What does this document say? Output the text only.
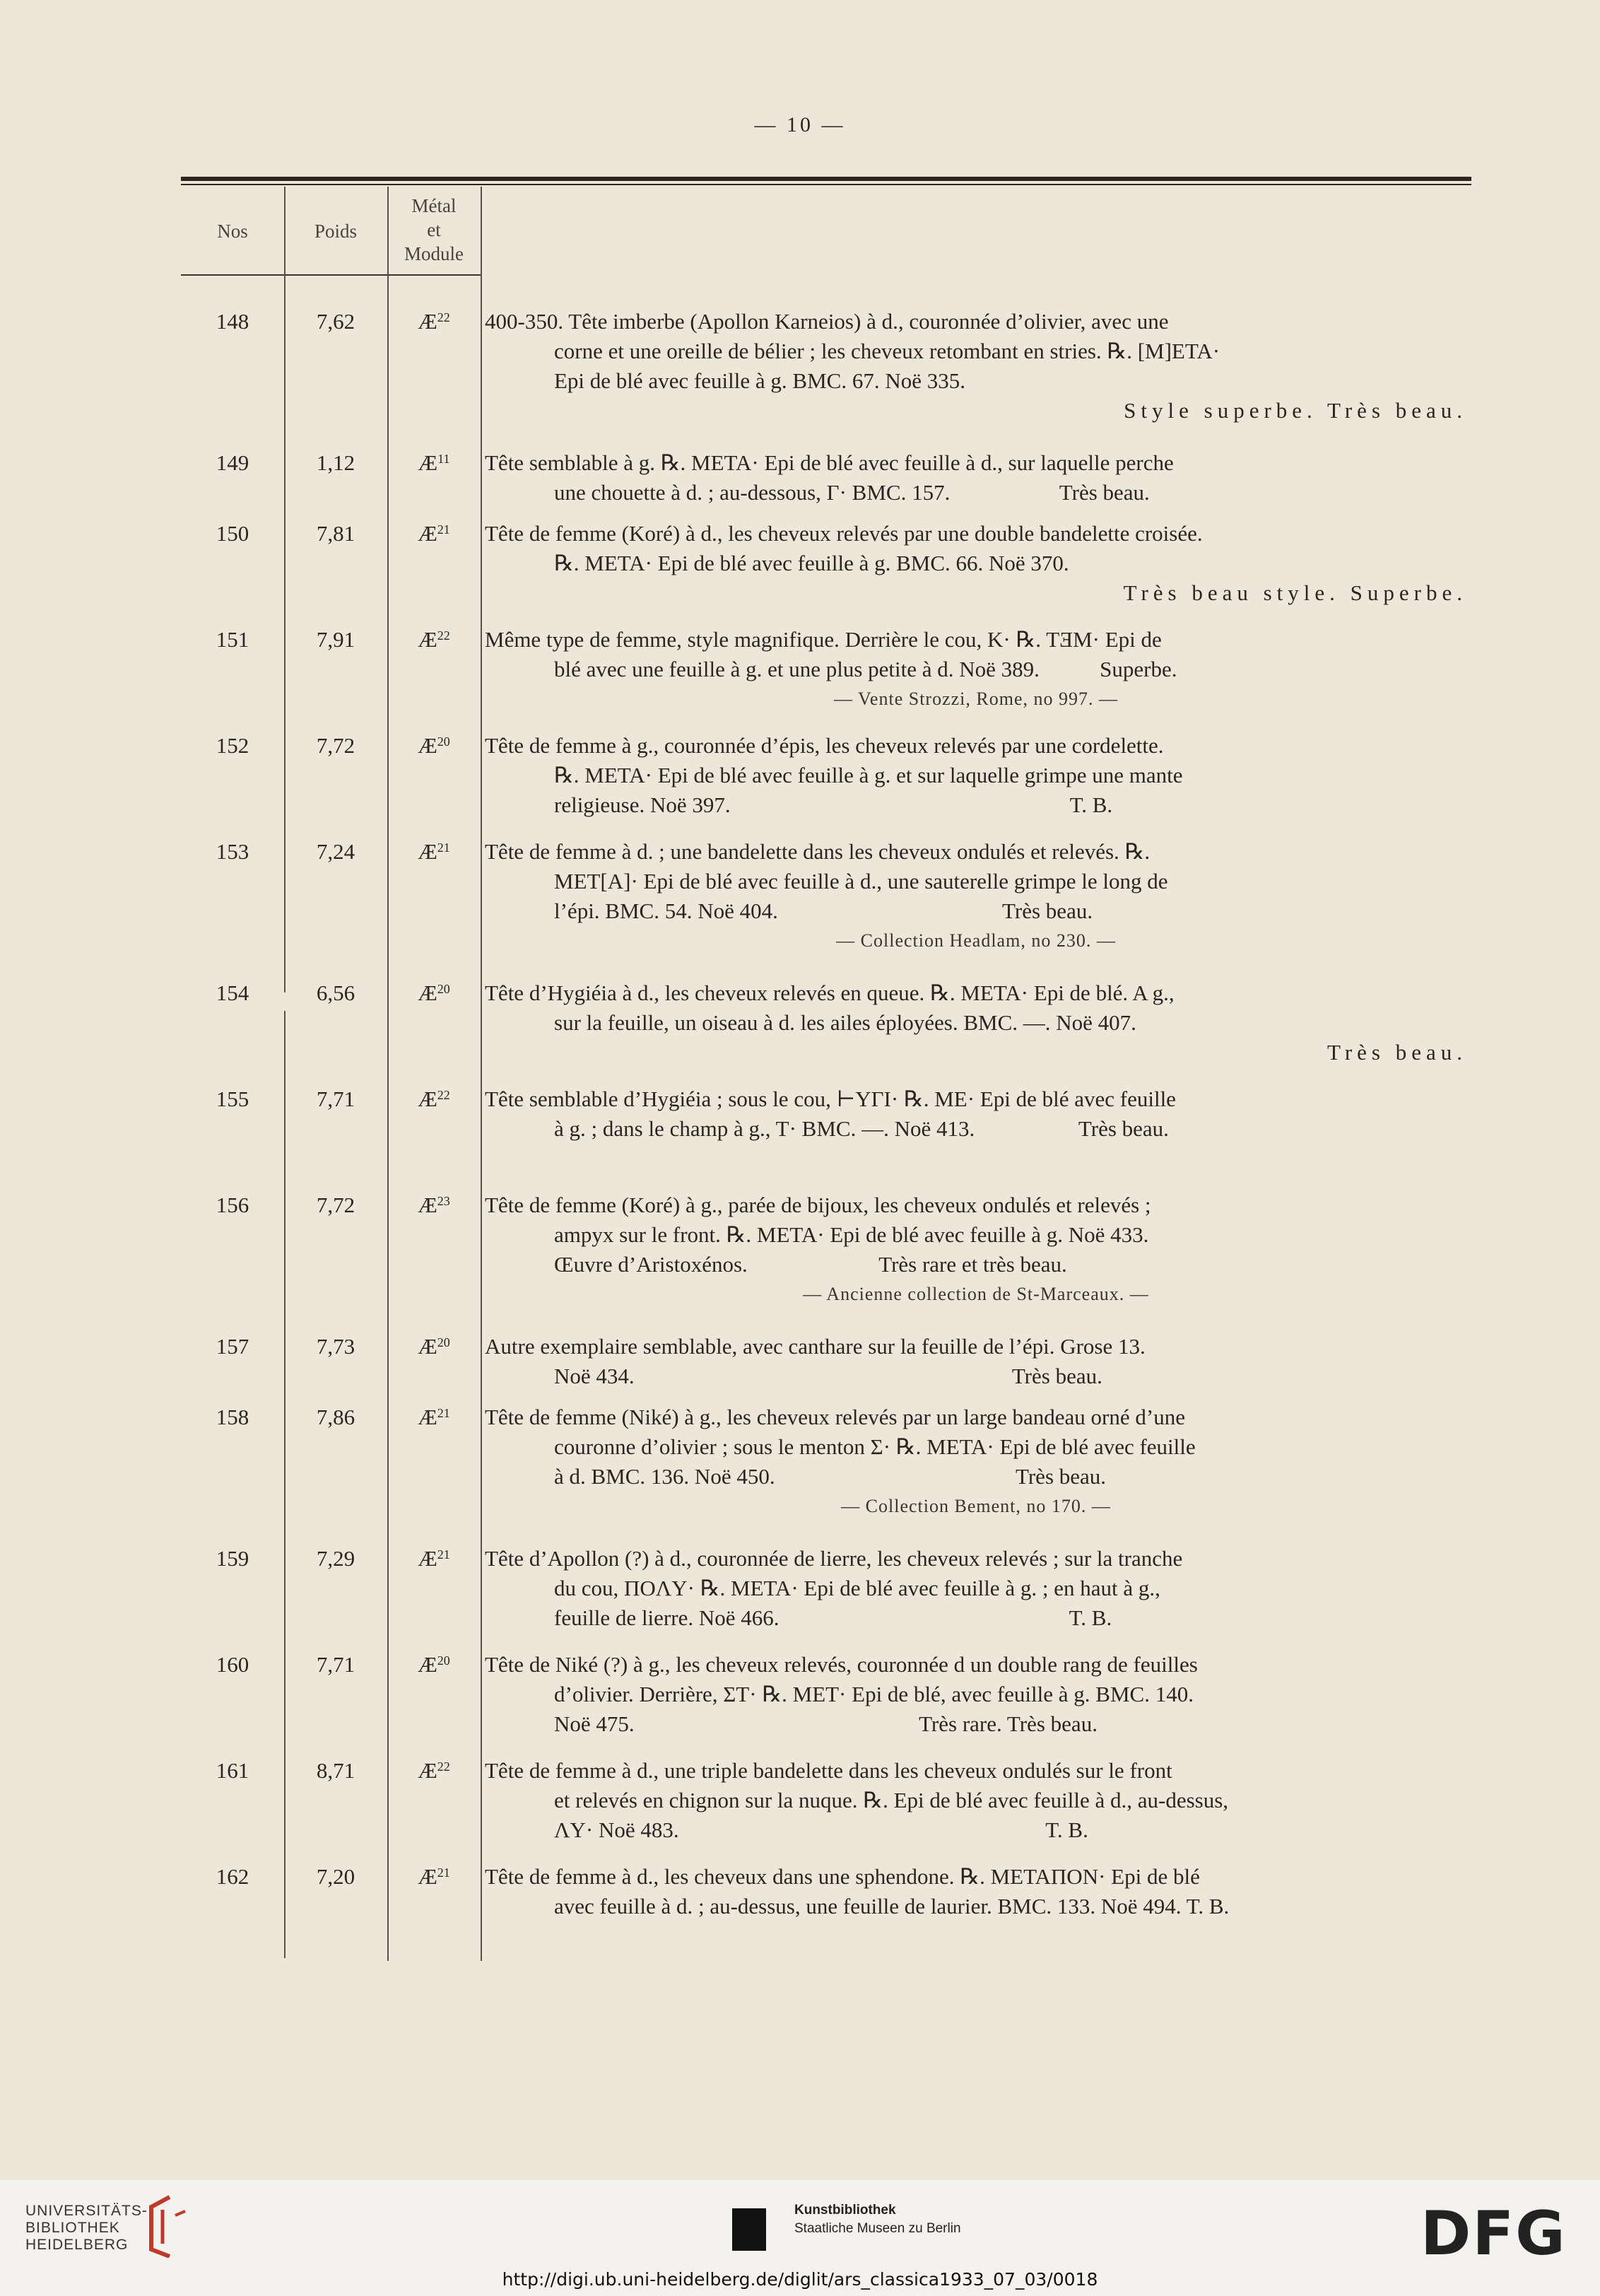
— 10 —
Nos	Poids
Métal
et
Module
148	7,62	$Æ^{22}$	400-350. Tête imberbe (Apollon Karneios) à d., couronnée d’olivier, avec une
corne et une oreille de bélier ; les cheveux retombant en stries. ℞. [M]ETA·
Epi de blé avec feuille à g. BMC. 67. Noë 335.
Style superbe. Très beau.
149	1,12	$Æ^{11}$	Tête semblable à g. ℞. META· Epi de blé avec feuille à d., sur laquelle perche
une chouette à d. ; au-dessous, Γ· BMC. 157.                    Très beau.
150	7,81	$Æ^{21}$	Tête de femme (Koré) à d., les cheveux relevés par une double bandelette croisée.
℞. META· Epi de blé avec feuille à g. BMC. 66. Noë 370.
Très beau style. Superbe.
151	7,91	$Æ^{22}$	Même type de femme, style magnifique. Derrière le cou, K· ℞. TƎM· Epi de
blé avec une feuille à g. et une plus petite à d. Noë 389.           Superbe.
— Vente Strozzi, Rome, no 997. —
152	7,72	$Æ^{20}$	Tête de femme à g., couronnée d’épis, les cheveux relevés par une cordelette.
℞. META· Epi de blé avec feuille à g. et sur laquelle grimpe une mante
religieuse. Noë 397.                                                              T. B.
153	7,24	$Æ^{21}$	Tête de femme à d. ; une bandelette dans les cheveux ondulés et relevés. ℞.
MET[A]· Epi de blé avec feuille à d., une sauterelle grimpe le long de
l’épi. BMC. 54. Noë 404.                                         Très beau.
— Collection Headlam, no 230. —
154	6,56	$Æ^{20}$	Tête d’Hygiéia à d., les cheveux relevés en queue. ℞. META· Epi de blé. A g.,
sur la feuille, un oiseau à d. les ailes éployées. BMC. —. Noë 407.
Très beau.
155	7,71	$Æ^{22}$	Tête semblable d’Hygiéia ; sous le cou, ⊢YΓI· ℞. ME· Epi de blé avec feuille
à g. ; dans le champ à g., T· BMC. —. Noë 413.                   Très beau.
156	7,72	$Æ^{23}$	Tête de femme (Koré) à g., parée de bijoux, les cheveux ondulés et relevés ;
ampyx sur le front. ℞. META· Epi de blé avec feuille à g. Noë 433.
Œuvre d’Aristoxénos.                        Très rare et très beau.
— Ancienne collection de St-Marceaux. —
157	7,73	$Æ^{20}$	Autre exemplaire semblable, avec canthare sur la feuille de l’épi. Grose 13.
Noë 434.                                                                     Très beau.
158	7,86	$Æ^{21}$	Tête de femme (Niké) à g., les cheveux relevés par un large bandeau orné d’une
couronne d’olivier ; sous le menton Σ· ℞. META· Epi de blé avec feuille
à d. BMC. 136. Noë 450.                                            Très beau.
— Collection Bement, no 170. —
159	7,29	$Æ^{21}$	Tête d’Apollon (?) à d., couronnée de lierre, les cheveux relevés ; sur la tranche
du cou, ΠOΛY· ℞. META· Epi de blé avec feuille à g. ; en haut à g.,
feuille de lierre. Noë 466.                                                     T. B.
160	7,71	$Æ^{20}$	Tête de Niké (?) à g., les cheveux relevés, couronnée d un double rang de feuilles
d’olivier. Derrière, ΣT· ℞. MET· Epi de blé, avec feuille à g. BMC. 140.
Noë 475.                                                    Très rare. Très beau.
161	8,71	$Æ^{22}$	Tête de femme à d., une triple bandelette dans les cheveux ondulés sur le front
et relevés en chignon sur la nuque. ℞. Epi de blé avec feuille à d., au-dessus,
ΛY· Noë 483.                                                                   T. B.
162	7,20	$Æ^{21}$	Tête de femme à d., les cheveux dans une sphendone. ℞. METAΠON· Epi de blé
avec feuille à d. ; au-dessus, une feuille de laurier. BMC. 133. Noë 494. T. B.
UNIVERSITÄTS-
BIBLIOTHEK
HEIDELBERG
Kunstbibliothek
Staatliche Museen zu Berlin	DFG
http://digi.ub.uni-heidelberg.de/diglit/ars_classica1933_07_03/0018
